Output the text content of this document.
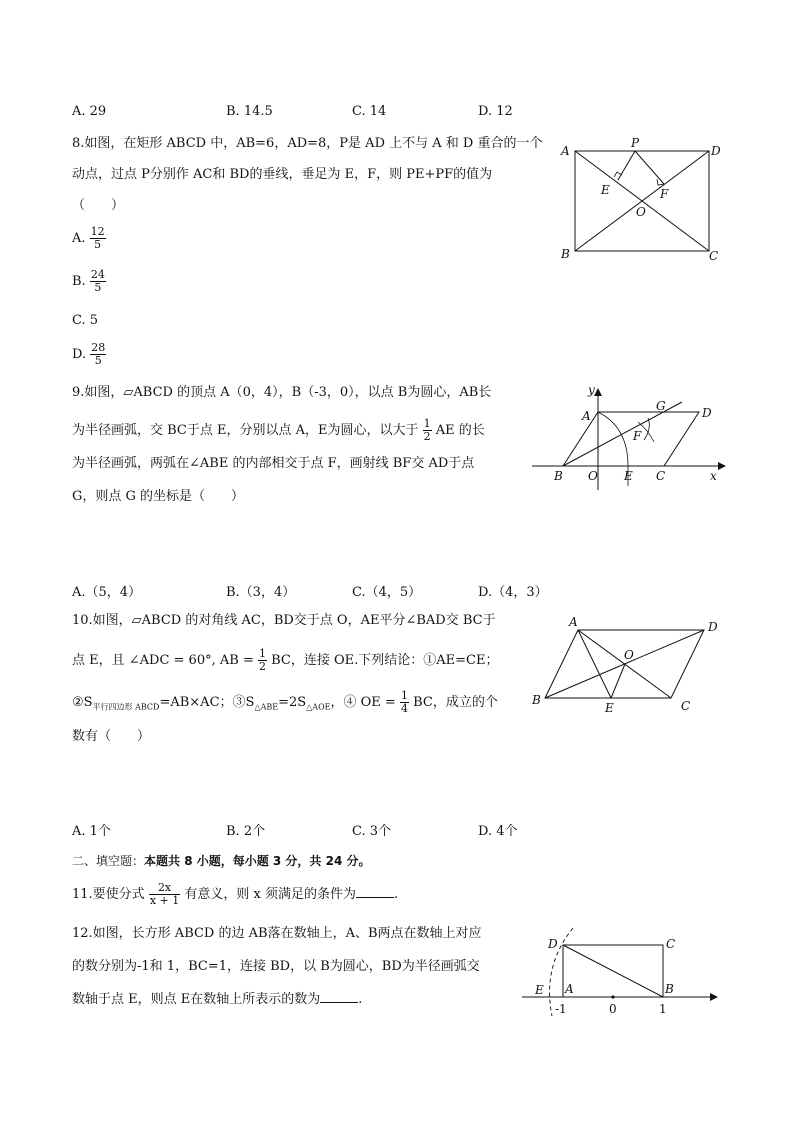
A. 29	B. 14.5	C. 14	D. 12
8.如图，在矩形 ABCD 中，AB=6，AD=8，P是 AD 上不与 A 和 D 重合的一个
动点，过点 P分别作 AC和 BD的垂线，垂足为 E，F，则 PE+PF的值为
（　　）
A. $\frac{12}{5}$
B. $\frac{24}{5}$
C. 5
D. $\frac{28}{5}$
A
P
D
E	F
O
B	C
9.如图，▱ABCD 的顶点 A（0，4），B（-3，0），以点 B为圆心，AB长
为半径画弧，交 BC于点 E，分别以点 A，E为圆心，以大于 $\frac{1}{2}$ AE 的长
为半径画弧，两弧在∠ABE 的内部相交于点 F，画射线 BF交 AD于点
G，则点 G 的坐标是（　　）
y
A
G	D
F
B O E C	x
A.（5，4）	B.（3，4）	C.（4，5）	D.（4，3）
10.如图，▱ABCD 的对角线 AC，BD交于点 O，AE平分∠BAD交 BC于
点 E，且 ∠ADC = 60°, AB = $\frac{1}{2}$ BC，连接 OE.下列结论：①AE=CE；
$②S_{平行四边形 ABCD}=AB\times AC$；$③S_{\triangle ABE}=2S_{\triangle AOE}$，④ OE = $\frac{1}{4}$ BC，成立的个
数有（　　）
A	D
O
B
E	C
A. 1个	B. 2个	C. 3个	D. 4个
二、填空题：本题共 8 小题，每小题 3 分，共 24 分。
11.要使分式 $\frac{2x}{x + 1}$ 有意义，则 x 须满足的条件为	.
12.如图，长方形 ABCD 的边 AB落在数轴上，A、B两点在数轴上对应
的数分别为-1和 1，BC=1，连接 BD，以 B为圆心，BD为半径画弧交
数轴于点 E，则点 E在数轴上所表示的数为	.
D	C
E A	B
-1	0	1
